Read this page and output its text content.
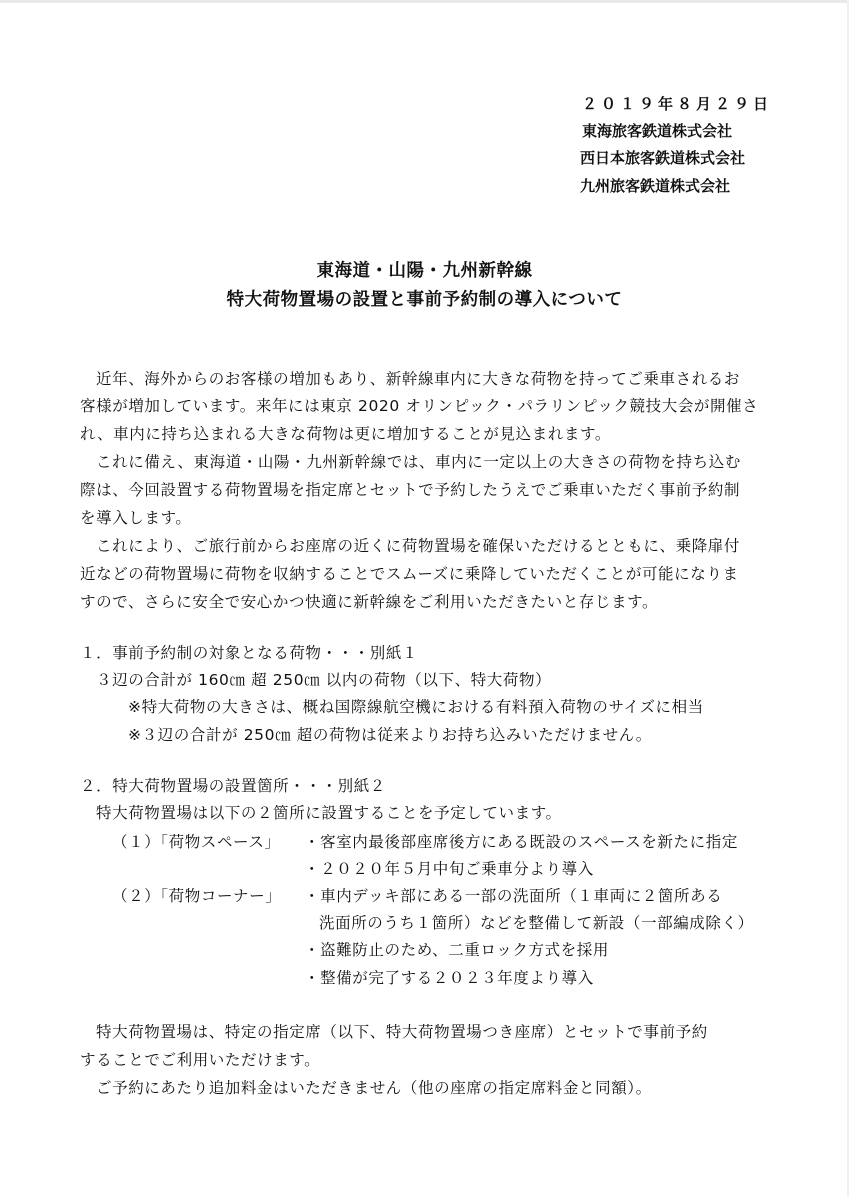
２０１９年８月２９日
東海旅客鉄道株式会社
西日本旅客鉄道株式会社
九州旅客鉄道株式会社
東海道・山陽・九州新幹線
特大荷物置場の設置と事前予約制の導入について
近年、海外からのお客様の増加もあり、新幹線車内に大きな荷物を持ってご乗車されるお
客様が増加しています。来年には東京 2020 オリンピック・パラリンピック競技大会が開催さ
れ、車内に持ち込まれる大きな荷物は更に増加することが見込まれます。
これに備え、東海道・山陽・九州新幹線では、車内に一定以上の大きさの荷物を持ち込む
際は、今回設置する荷物置場を指定席とセットで予約したうえでご乗車いただく事前予約制
を導入します。
これにより、ご旅行前からお座席の近くに荷物置場を確保いただけるとともに、乗降扉付
近などの荷物置場に荷物を収納することでスムーズに乗降していただくことが可能になりま
すので、さらに安全で安心かつ快適に新幹線をご利用いただきたいと存じます。
１．事前予約制の対象となる荷物・・・別紙１
３辺の合計が 160㎝ 超 250㎝ 以内の荷物（以下、特大荷物）
※特大荷物の大きさは、概ね国際線航空機における有料預入荷物のサイズに相当
※３辺の合計が 250㎝ 超の荷物は従来よりお持ち込みいただけません。
２．特大荷物置場の設置箇所・・・別紙２
特大荷物置場は以下の２箇所に設置することを予定しています。
（１）「荷物スペース」 ・客室内最後部座席後方にある既設のスペースを新たに指定
・２０２０年５月中旬ご乗車分より導入
（２）「荷物コーナー」 ・車内デッキ部にある一部の洗面所（１車両に２箇所ある
洗面所のうち１箇所）などを整備して新設（一部編成除く）
・盗難防止のため、二重ロック方式を採用
・整備が完了する２０２３年度より導入
特大荷物置場は、特定の指定席（以下、特大荷物置場つき座席）とセットで事前予約
することでご利用いただけます。
ご予約にあたり追加料金はいただきません（他の座席の指定席料金と同額）。
